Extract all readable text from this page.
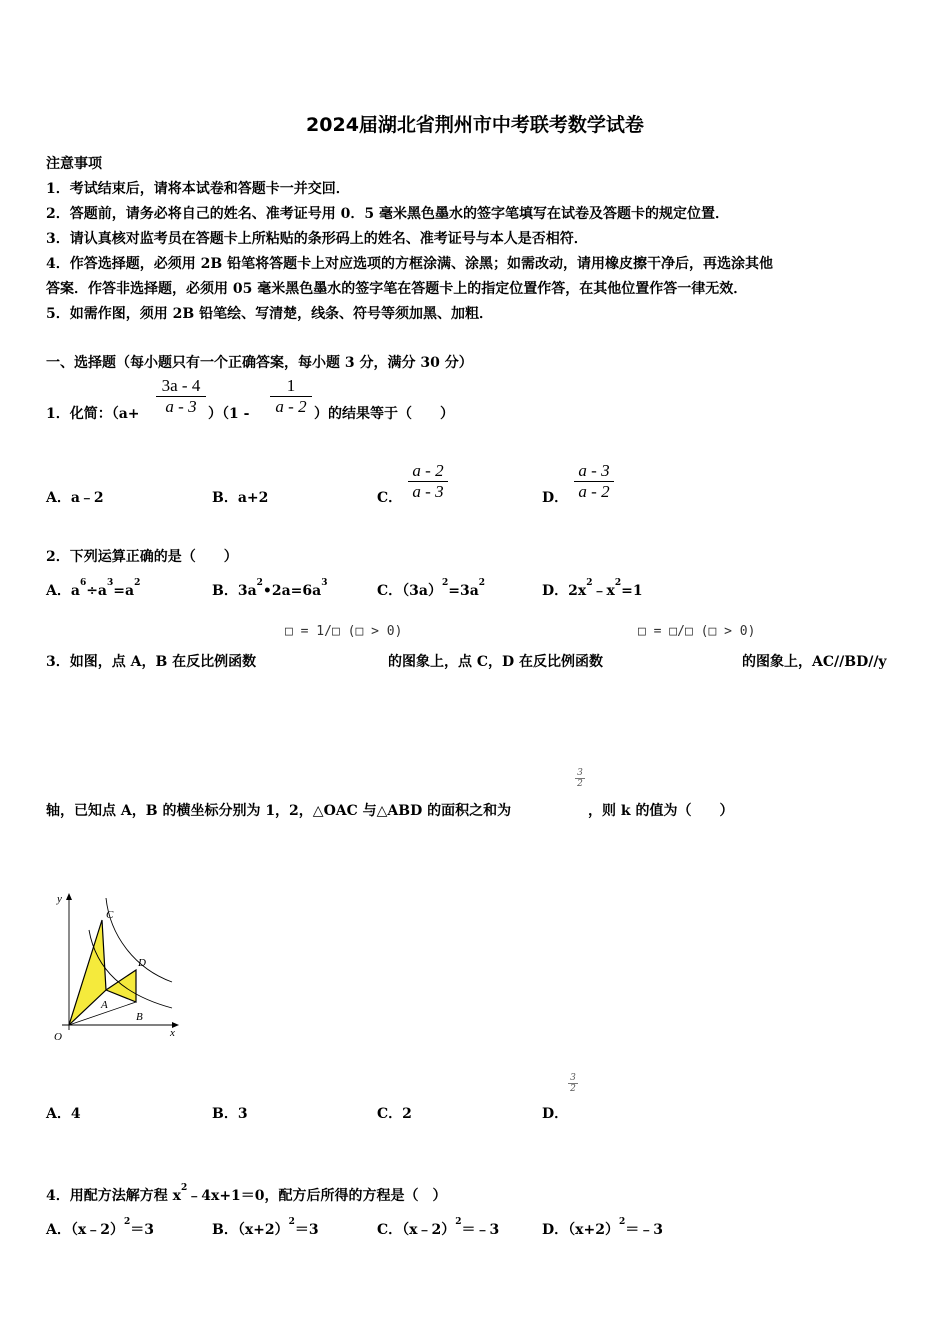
2024届湖北省荆州市中考联考数学试卷
注意事项
1．考试结束后，请将本试卷和答题卡一并交回．
2．答题前，请务必将自己的姓名、准考证号用 0．5 毫米黑色墨水的签字笔填写在试卷及答题卡的规定位置．
3．请认真核对监考员在答题卡上所粘贴的条形码上的姓名、准考证号与本人是否相符．
4．作答选择题，必须用 2B 铅笔将答题卡上对应选项的方框涂满、涂黑；如需改动，请用橡皮擦干净后，再选涂其他
答案．作答非选择题，必须用 05 毫米黑色墨水的签字笔在答题卡上的指定位置作答，在其他位置作答一律无效．
5．如需作图，须用 2B 铅笔绘、写清楚，线条、符号等须加黑、加粗．
一、选择题（每小题只有一个正确答案，每小题 3 分，满分 30 分）
1．化简：（a+
3a - 4
a - 3 ）（1 -
1
a - 2 ）的结果等于（　　）
A．a﹣2	B．a+2	C．
a - 2
a - 3	D．
a - 3
a - 2
2．下列运算正确的是（　　）
A．$a^6\div a^3=a^2$	B．$3a^2•2a=6a^3$	C．$(3a)^2=3a^2$	D．$2x^2﹣x^2=1$
□ = 1/□ (□ > 0)	□ = □/□ (□ > 0)
3．如图，点 A，B 在反比例函数	的图象上，点 C，D 在反比例函数	的图象上，AC//BD//y
$\frac{3}{2}$
轴，已知点 A，B 的横坐标分别为 1，2，△OAC 与△ABD 的面积之和为	，则 k 的值为（　　）
y
x
O
A
B
C
D
A．4	B．3	C．2	D．
$\frac{3}{2}$
4．用配方法解方程 $x^2﹣4x+1=0$，配方后所得的方程是（　）
A．（x﹣2）$^2$＝3	B．$(x+2)^2=3$	C．（x﹣2）$^2$＝﹣3	D．$(x+2)^2=﹣3$
